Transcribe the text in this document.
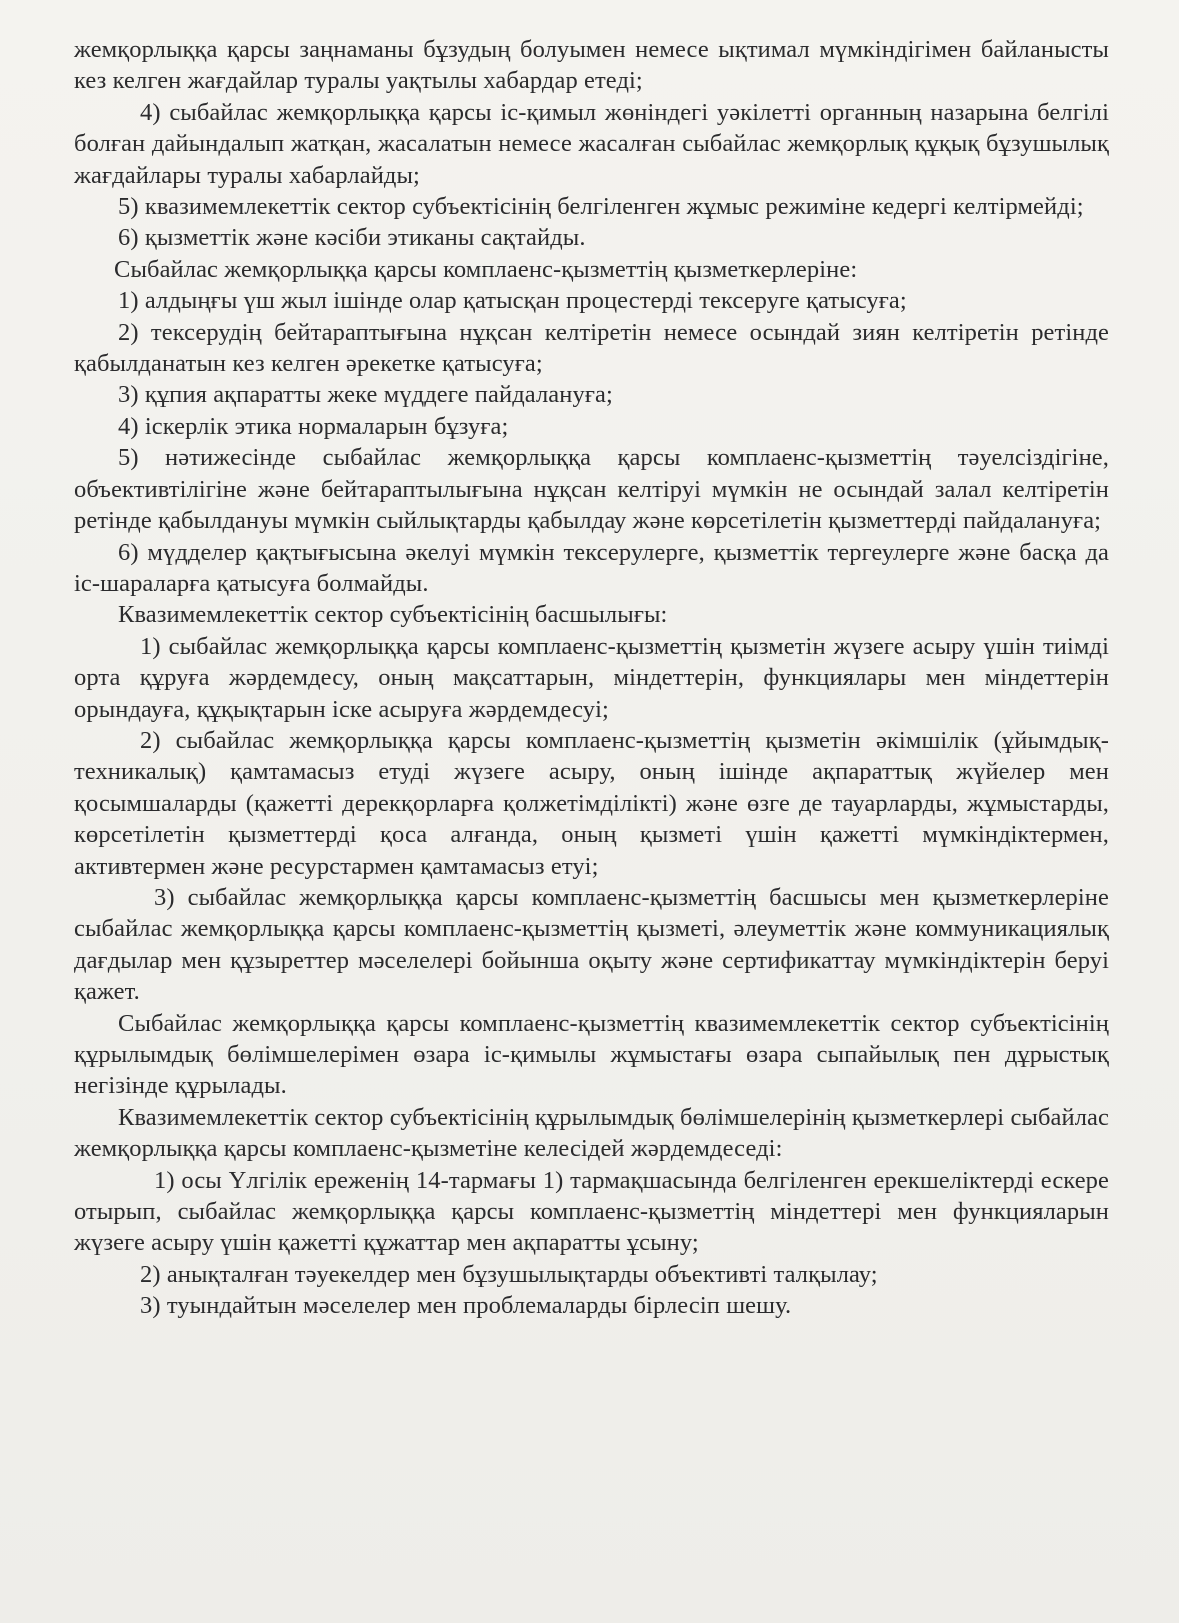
жемқорлыққа қарсы заңнаманы бұзудың болуымен немесе ықтимал мүмкіндігімен байланысты кез келген жағдайлар туралы уақтылы хабардар етеді;

4) сыбайлас жемқорлыққа қарсы іс-қимыл жөніндегі уәкілетті органның назарына белгілі болған дайындалып жатқан, жасалатын немесе жасалған сыбайлас жемқорлық құқық бұзушылық жағдайлары туралы хабарлайды;

5) квазимемлекеттік сектор субъектісінің белгіленген жұмыс режиміне кедергі келтірмейді;

6) қызметтік және кәсіби этиканы сақтайды.

Сыбайлас жемқорлыққа қарсы комплаенс-қызметтің қызметкерлеріне:

1) алдыңғы үш жыл ішінде олар қатысқан процестерді тексеруге қатысуға;

2) тексерудің бейтараптығына нұқсан келтіретін немесе осындай зиян келтіретін ретінде қабылданатын кез келген әрекетке қатысуға;

3) құпия ақпаратты жеке мүддеге пайдалануға;

4) іскерлік этика нормаларын бұзуға;

5) нәтижесінде сыбайлас жемқорлыққа қарсы комплаенс-қызметтің тәуелсіздігіне, объективтілігіне және бейтараптылығына нұқсан келтіруі мүмкін не осындай залал келтіретін ретінде қабылдануы мүмкін сыйлықтарды қабылдау және көрсетілетін қызметтерді пайдалануға;

6) мүдделер қақтығысына әкелуі мүмкін тексерулерге, қызметтік тергеулерге және басқа да іс-шараларға қатысуға болмайды.

Квазимемлекеттік сектор субъектісінің басшылығы:

1) сыбайлас жемқорлыққа қарсы комплаенс-қызметтің қызметін жүзеге асыру үшін тиімді орта құруға жәрдемдесу, оның мақсаттарын, міндеттерін, функциялары мен міндеттерін орындауға, құқықтарын іске асыруға жәрдемдесуі;

2) сыбайлас жемқорлыққа қарсы комплаенс-қызметтің қызметін әкімшілік (ұйымдық-техникалық) қамтамасыз етуді жүзеге асыру, оның ішінде ақпараттық жүйелер мен қосымшаларды (қажетті дерекқорларға қолжетімділікті) және өзге де тауарларды, жұмыстарды, көрсетілетін қызметтерді қоса алғанда, оның қызметі үшін қажетті мүмкіндіктермен, активтермен және ресурстармен қамтамасыз етуі;

3) сыбайлас жемқорлыққа қарсы комплаенс-қызметтің басшысы мен қызметкерлеріне сыбайлас жемқорлыққа қарсы комплаенс-қызметтің қызметі, әлеуметтік және коммуникациялық дағдылар мен құзыреттер мәселелері бойынша оқыту және сертификаттау мүмкіндіктерін беруі қажет.

Сыбайлас жемқорлыққа қарсы комплаенс-қызметтің квазимемлекеттік сектор субъектісінің құрылымдық бөлімшелерімен өзара іс-қимылы жұмыстағы өзара сыпайылық пен дұрыстық негізінде құрылады.

Квазимемлекеттік сектор субъектісінің құрылымдық бөлімшелерінің қызметкерлері сыбайлас жемқорлыққа қарсы комплаенс-қызметіне келесідей жәрдемдеседі:

1) осы Үлгілік ереженің 14-тармағы 1) тармақшасында белгіленген ерекшеліктерді ескере отырып, сыбайлас жемқорлыққа қарсы комплаенс-қызметтің міндеттері мен функцияларын жүзеге асыру үшін қажетті құжаттар мен ақпаратты ұсыну;

2) анықталған тәуекелдер мен бұзушылықтарды объективті талқылау;

3) туындайтын мәселелер мен проблемаларды бірлесіп шешу.
